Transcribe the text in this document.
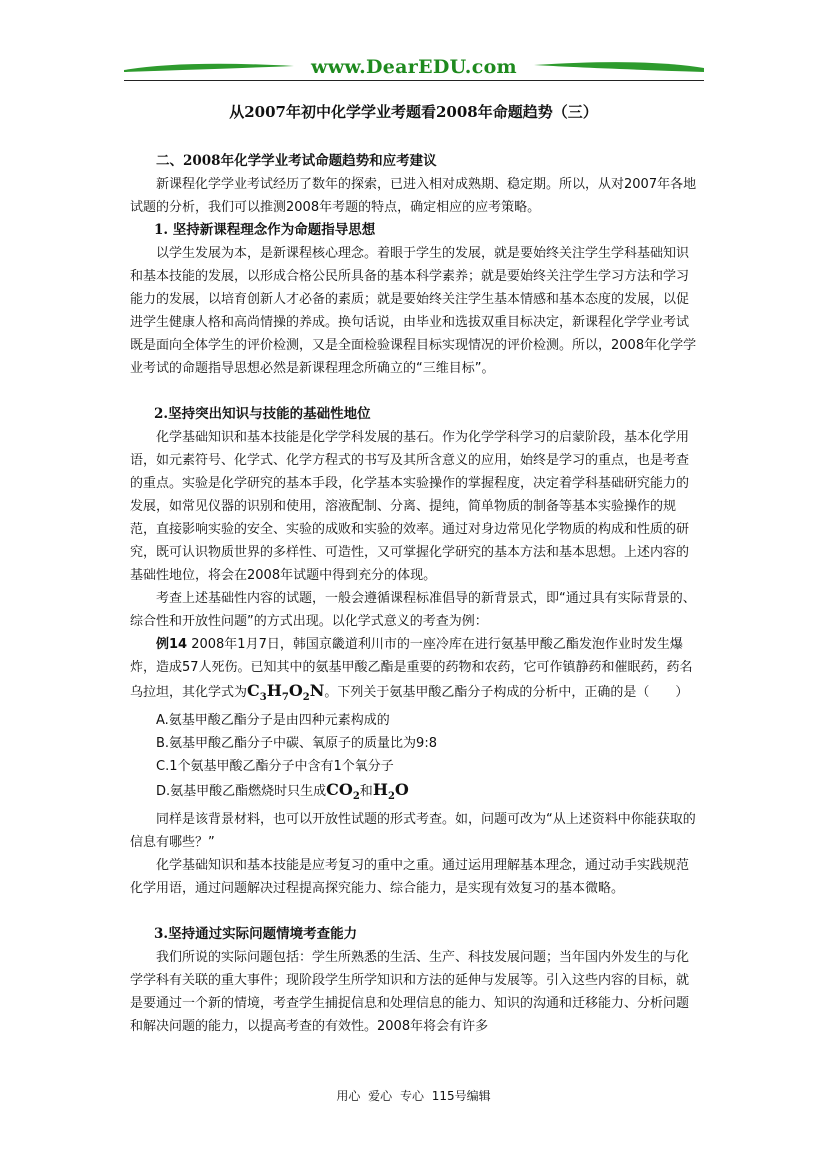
www.DearEDU.com
从2007年初中化学学业考题看2008年命题趋势（三）

二、2008年化学学业考试命题趋势和应考建议

新课程化学学业考试经历了数年的探索，已进入相对成熟期、稳定期。所以，从对2007年各地试题的分析，我们可以推测2008年考题的特点，确定相应的应考策略。

1. 坚持新课程理念作为命题指导思想

以学生发展为本，是新课程核心理念。着眼于学生的发展，就是要始终关注学生学科基础知识和基本技能的发展，以形成合格公民所具备的基本科学素养；就是要始终关注学生学习方法和学习能力的发展，以培育创新人才必备的素质；就是要始终关注学生基本情感和基本态度的发展，以促进学生健康人格和高尚情操的养成。换句话说，由毕业和选拔双重目标决定，新课程化学学业考试既是面向全体学生的评价检测，又是全面检验课程目标实现情况的评价检测。所以，2008年化学学业考试的命题指导思想必然是新课程理念所确立的“三维目标”。

2.坚持突出知识与技能的基础性地位

化学基础知识和基本技能是化学学科发展的基石。作为化学学科学习的启蒙阶段，基本化学用语，如元素符号、化学式、化学方程式的书写及其所含意义的应用，始终是学习的重点，也是考查的重点。实验是化学研究的基本手段，化学基本实验操作的掌握程度，决定着学科基础研究能力的发展，如常见仪器的识别和使用，溶液配制、分离、提纯，简单物质的制备等基本实验操作的规范，直接影响实验的安全、实验的成败和实验的效率。通过对身边常见化学物质的构成和性质的研究，既可认识物质世界的多样性、可造性，又可掌握化学研究的基本方法和基本思想。上述内容的基础性地位，将会在2008年试题中得到充分的体现。

考查上述基础性内容的试题，一般会遵循课程标准倡导的新背景式，即“通过具有实际背景的、综合性和开放性问题”的方式出现。以化学式意义的考查为例：

例14 2008年1月7日，韩国京畿道利川市的一座冷库在进行氨基甲酸乙酯发泡作业时发生爆炸，造成57人死伤。已知其中的氨基甲酸乙酯是重要的药物和农药，它可作镇静药和催眠药，药名乌拉坦，其化学式为$C_3H_7O_2N$。下列关于氨基甲酸乙酯分子构成的分析中，正确的是（　　）

A.氨基甲酸乙酯分子是由四种元素构成的

B.氨基甲酸乙酯分子中碳、氧原子的质量比为9:8

C.1个氨基甲酸乙酯分子中含有1个氧分子

D.氨基甲酸乙酯燃烧时只生成$CO_2$和$H_2O$

同样是该背景材料，也可以开放性试题的形式考查。如，问题可改为“从上述资料中你能获取的信息有哪些？”

化学基础知识和基本技能是应考复习的重中之重。通过运用理解基本理念，通过动手实践规范化学用语，通过问题解决过程提高探究能力、综合能力，是实现有效复习的基本微略。

3.坚持通过实际问题情境考查能力

我们所说的实际问题包括：学生所熟悉的生活、生产、科技发展问题；当年国内外发生的与化学学科有关联的重大事件；现阶段学生所学知识和方法的延伸与发展等。引入这些内容的目标，就是要通过一个新的情境，考查学生捕捉信息和处理信息的能力、知识的沟通和迁移能力、分析问题和解决问题的能力，以提高考查的有效性。2008年将会有许多

用心 爱心 专心 115号编辑
